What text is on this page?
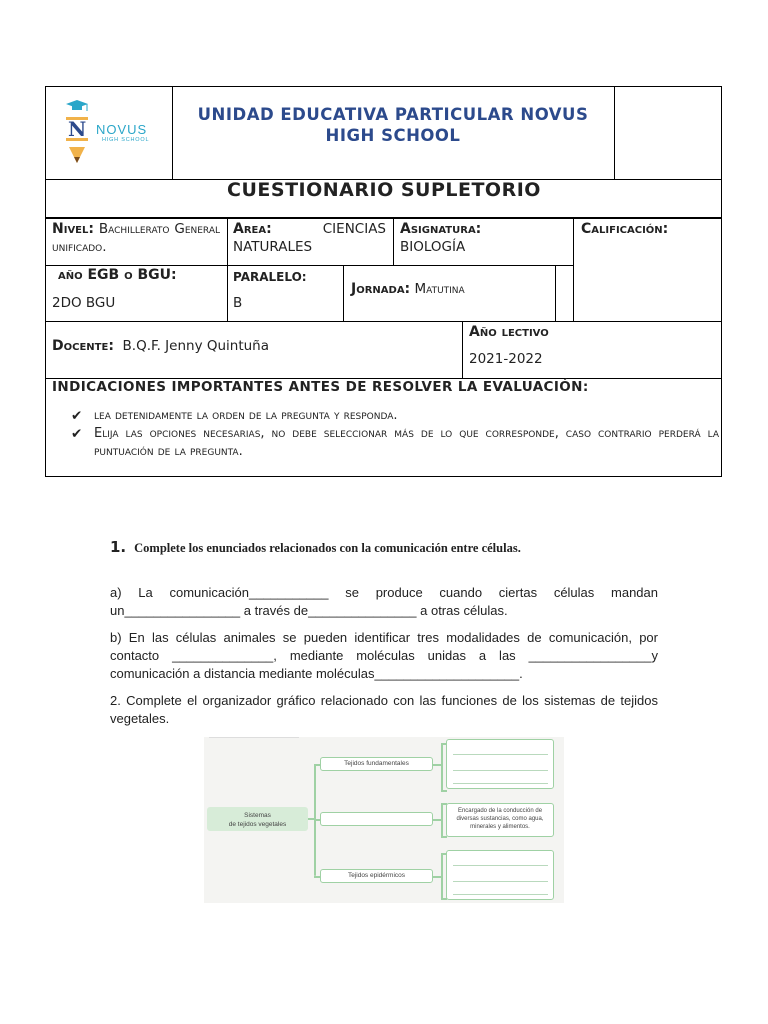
N NOVUS
HIGH SCHOOL
UNIDAD EDUCATIVA PARTICULAR NOVUS HIGH SCHOOL
CUESTIONARIO SUPLETORIO
Nivel: Bachillerato General unificado.
Area:	CIENCIAS NATURALES
Asignatura:
BIOLOGÍA
Calificación:
año EGB o BGU:
2DO BGU
PARALELO:
B
Jornada: Matutina
Docente: B.Q.F. Jenny Quintuña
Año lectivo
2021-2022
INDICACIONES IMPORTANTES ANTES DE RESOLVER LA EVALUACIÓN:
✔ lea detenidamente la orden de la pregunta y responda.
✔ Elija las opciones necesarias, no debe seleccionar más de lo que corresponde, caso contrario perderá la puntuación de la pregunta.
1. Complete los enunciados relacionados con la comunicación entre células.
a) La comunicación___________ se produce cuando ciertas células mandan un________________ a través de_______________ a otras células.
b) En las células animales se pueden identificar tres modalidades de comunicación, por contacto ______________, mediante moléculas unidas a las _________________y comunicación a distancia mediante moléculas____________________.
2. Complete el organizador gráfico relacionado con las funciones de los sistemas de tejidos vegetales.
Sistemas
de tejidos vegetales
Tejidos fundamentales
Tejidos epidérmicos
Encargado de la conducción de diversas sustancias, como agua, minerales y alimentos.
